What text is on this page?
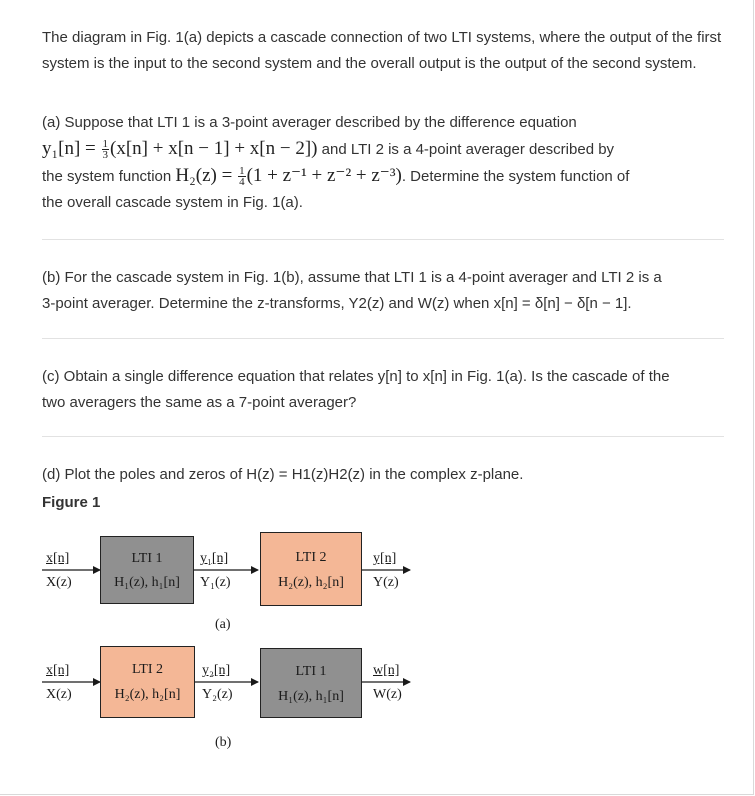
The diagram in Fig. 1(a) depicts a cascade connection of two LTI systems, where the output of the first system is the input to the second system and the overall output is the output of the second system.
(a) Suppose that LTI 1 is a 3-point averager described by the difference equation
$y_1[n] = \frac{1}{3} (x[n] + x[n - 1] + x[n - 2])$ and LTI 2 is a 4-point averager described by
the system function $H_2(z) = \frac{1}{4} (1 + z^{-1} + z^{-2} + z^{-3})$. Determine the system function of
the overall cascade system in Fig. 1(a).
(b) For the cascade system in Fig. 1(b), assume that LTI 1 is a 4-point averager and LTI 2 is a
3-point averager. Determine the z-transforms, Y2(z) and W(z) when x[n] = δ[n] − δ[n − 1].
(c) Obtain a single difference equation that relates y[n] to x[n] in Fig. 1(a). Is the cascade of the
two averagers the same as a 7-point averager?
(d) Plot the poles and zeros of H(z) = H1(z)H2(z) in the complex z-plane.
Figure 1
x[n]
X(z)
LTI 1
H₁(z), h₁[n]
y₁[n]
Y₁(z)
LTI 2
H₂(z), h₂[n]
y[n]
Y(z)
(a)
x[n]
X(z)
LTI 2
H₂(z), h₂[n]
y₂[n]
Y₂(z)
LTI 1
H₁(z), h₁[n]
w[n]
W(z)
(b)
